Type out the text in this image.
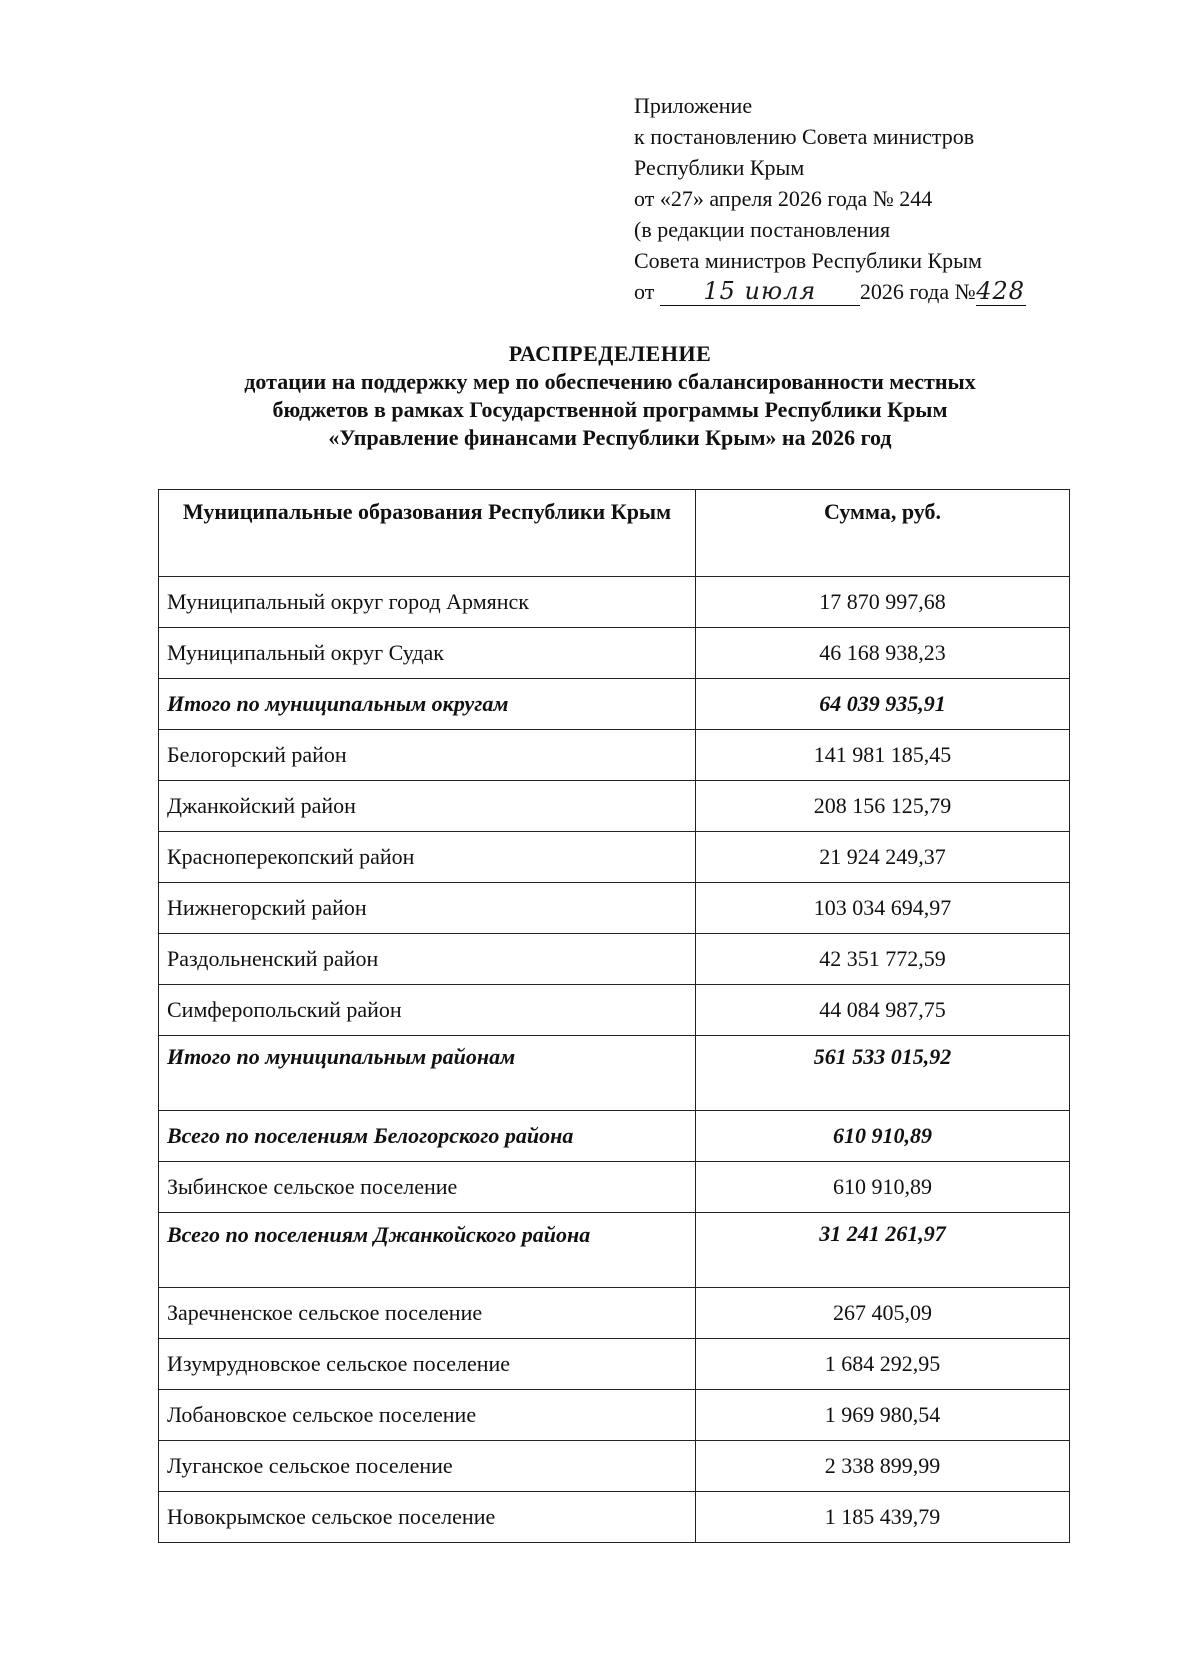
Приложение
к постановлению Совета министров
Республики Крым
от «27» апреля 2026 года № 244
(в редакции постановления
Совета министров Республики Крым
от 15 июля 2026 года №428
РАСПРЕДЕЛЕНИЕ
дотации на поддержку мер по обеспечению сбалансированности местных
бюджетов в рамках Государственной программы Республики Крым
«Управление финансами Республики Крым» на 2026 год
Муниципальные образования Республики Крым	Сумма, руб.
Муниципальный округ город Армянск	17 870 997,68
Муниципальный округ Судак	46 168 938,23
Итого по муниципальным округам	64 039 935,91
Белогорский район	141 981 185,45
Джанкойский район	208 156 125,79
Красноперекопский район	21 924 249,37
Нижнегорский район	103 034 694,97
Раздольненский район	42 351 772,59
Симферопольский район	44 084 987,75
Итого по муниципальным районам	561 533 015,92
Всего по поселениям Белогорского района	610 910,89
Зыбинское сельское поселение	610 910,89
Всего по поселениям Джанкойского района	31 241 261,97
Заречненское сельское поселение	267 405,09
Изумрудновское сельское поселение	1 684 292,95
Лобановское сельское поселение	1 969 980,54
Луганское сельское поселение	2 338 899,99
Новокрымское сельское поселение	1 185 439,79
